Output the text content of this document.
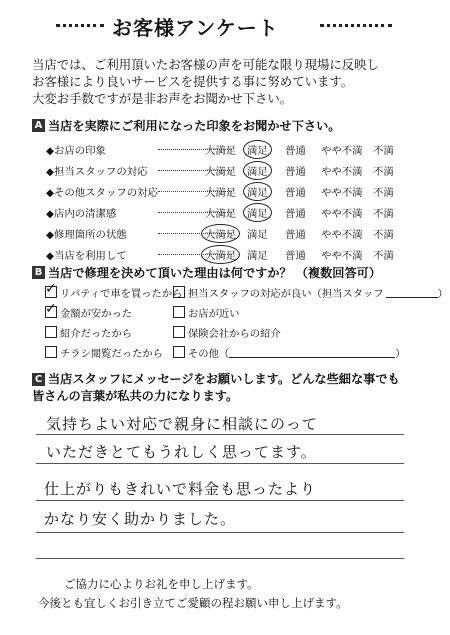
お客様アンケート
当店では、ご利用頂いたお客様の声を可能な限り現場に反映し
お客様により良いサービスを提供する事に努めています。
大変お手数ですが是非お声をお聞かせ下さい。
A 当店を実際にご利用になった印象をお聞かせ下さい。
◆お店の印象	大満足 満足 普通 やや不満 不満
◆担当スタッフの対応	大満足 満足 普通 やや不満 不満
◆その他スタッフの対応	大満足 満足 普通 やや不満 不満
◆店内の清潔感	大満足 満足 普通 やや不満 不満
◆修理箇所の状態	大満足 満足 普通 やや不満 不満
◆当店を利用して	大満足 満足 普通 やや不満 不満
B 当店で修理を決めて頂いた理由は何ですか？ （複数回答可）
✓
リパティで車を買ったから 担当スタッフの対応が良い（担当スタッフ	）
✓
金額が安かった	お店が近い
紹介だったから	保険会社からの紹介
チラシ閲覧だったから その他（	）
C 当店スタッフにメッセージをお願いします。どんな些細な事でも
皆さんの言葉が私共の力になります。
気持ちよい対応で親身に相談にのって
いただきとてもうれしく思ってます。
仕上がりもきれいで料金も思ったより
かなり安く助かりました。
ご協力に心よりお礼を申し上げます。
今後とも宜しくお引き立てご愛顧の程お願い申し上げます。
